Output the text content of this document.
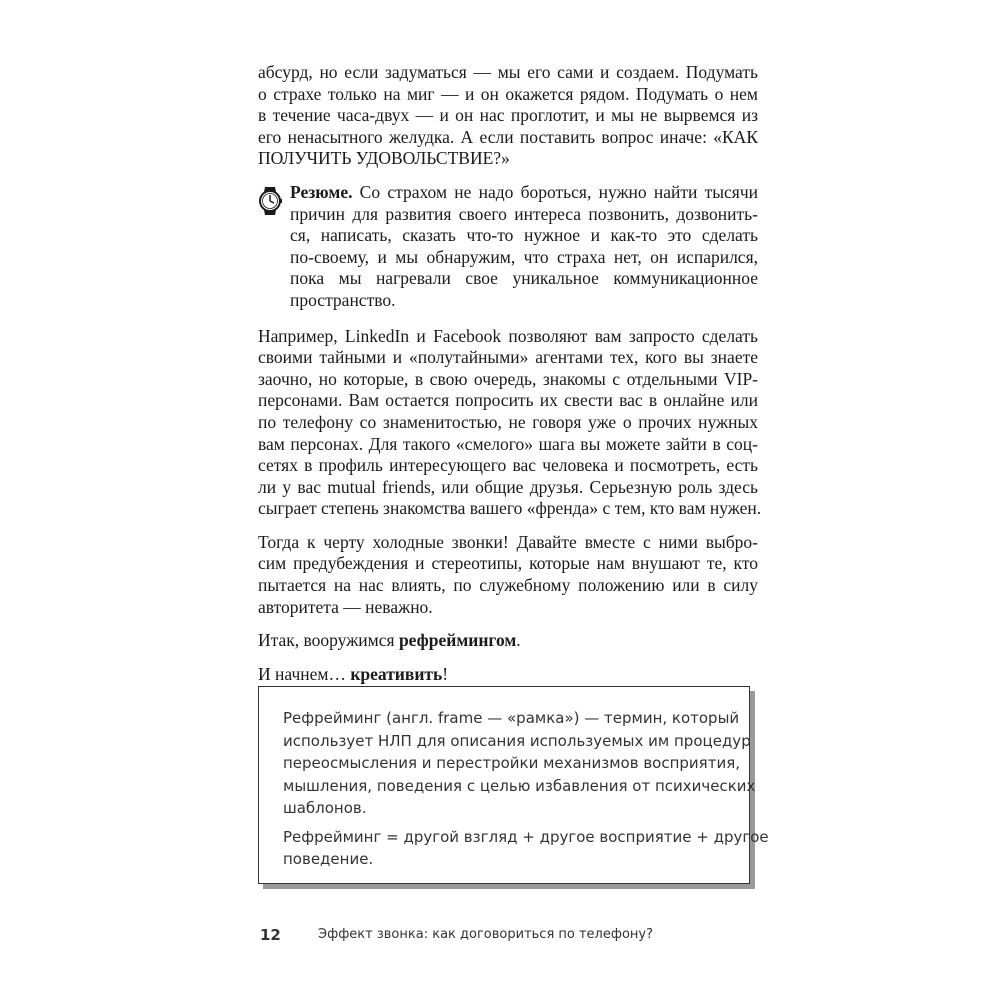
абсурд, но если задуматься — мы его сами и создаем. Подумать
о страхе только на миг — и он окажется рядом. Подумать о нем
в течение часа-двух — и он нас проглотит, и мы не вырвемся из
его ненасытного желудка. А если поставить вопрос иначе: «КАК
ПОЛУЧИТЬ УДОВОЛЬСТВИЕ?»

Резюме. Со страхом не надо бороться, нужно найти тысячи
причин для развития своего интереса позвонить, дозвонить-
ся, написать, сказать что-то нужное и как-то это сделать
по-своему, и мы обнаружим, что страха нет, он испарился,
пока мы нагревали свое уникальное коммуникационное
пространство.

Например, LinkedIn и Facebook позволяют вам запросто сделать
своими тайными и «полутайными» агентами тех, кого вы знаете
заочно, но которые, в свою очередь, знакомы с отдельными VIP-
персонами. Вам остается попросить их свести вас в онлайне или
по телефону со знаменитостью, не говоря уже о прочих нужных
вам персонах. Для такого «смелого» шага вы можете зайти в соц-
сетях в профиль интересующего вас человека и посмотреть, есть
ли у вас mutual friends, или общие друзья. Серьезную роль здесь
сыграет степень знакомства вашего «френда» с тем, кто вам нужен.

Тогда к черту холодные звонки! Давайте вместе с ними выбро-
сим предубеждения и стереотипы, которые нам внушают те, кто
пытается на нас влиять, по служебному положению или в силу
авторитета — неважно.

Итак, вооружимся рефреймингом.

И начнем… креативить!

Рефрейминг (англ. frame — «рамка») — термин, который
использует НЛП для описания используемых им процедур
переосмысления и перестройки механизмов восприятия,
мышления, поведения с целью избавления от психических
шаблонов.

Рефрейминг = другой взгляд + другое восприятие + другое
поведение.

12	Эффект звонка: как договориться по телефону?
